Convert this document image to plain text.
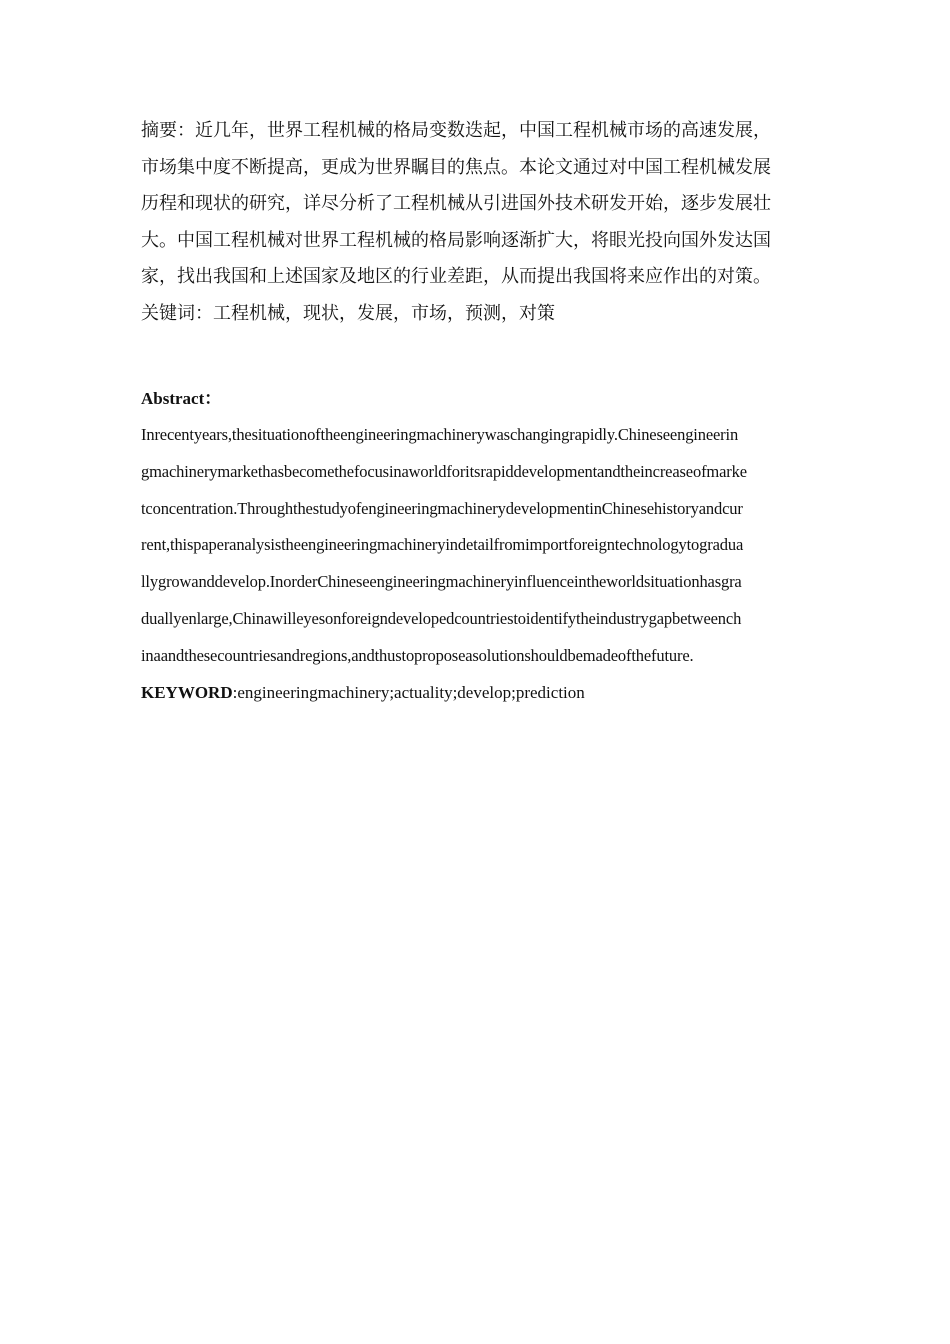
摘要：近几年，世界工程机械的格局变数迭起，中国工程机械市场的高速发展，
市场集中度不断提高，更成为世界瞩目的焦点。本论文通过对中国工程机械发展
历程和现状的研究，详尽分析了工程机械从引进国外技术研发开始，逐步发展壮
大。中国工程机械对世界工程机械的格局影响逐渐扩大，将眼光投向国外发达国
家，找出我国和上述国家及地区的行业差距，从而提出我国将来应作出的对策。
关键词：工程机械，现状，发展，市场，预测，对策
Abstract：
Inrecentyears,thesituationoftheengineeringmachinerywaschangingrapidly.Chineseengineerin
gmachinerymarkethasbecomethefocusinaworldforitsrapiddevelopmentandtheincreaseofmarke
tconcentration.ThroughthestudyofengineeringmachinerydevelopmentinChinesehistoryandcur
rent,thispaperanalysistheengineeringmachineryindetailfromimportforeigntechnologytogradua
llygrowanddevelop.InorderChineseengineeringmachineryinfluenceintheworldsituationhasgra
duallyenlarge,Chinawilleyesonforeigndevelopedcountriestoidentifytheindustrygapbetweench
inaandthesecountriesandregions,andthustoproposeasolutionshouldbemadeofthefuture.
KEYWORD:engineeringmachinery;actuality;develop;prediction
